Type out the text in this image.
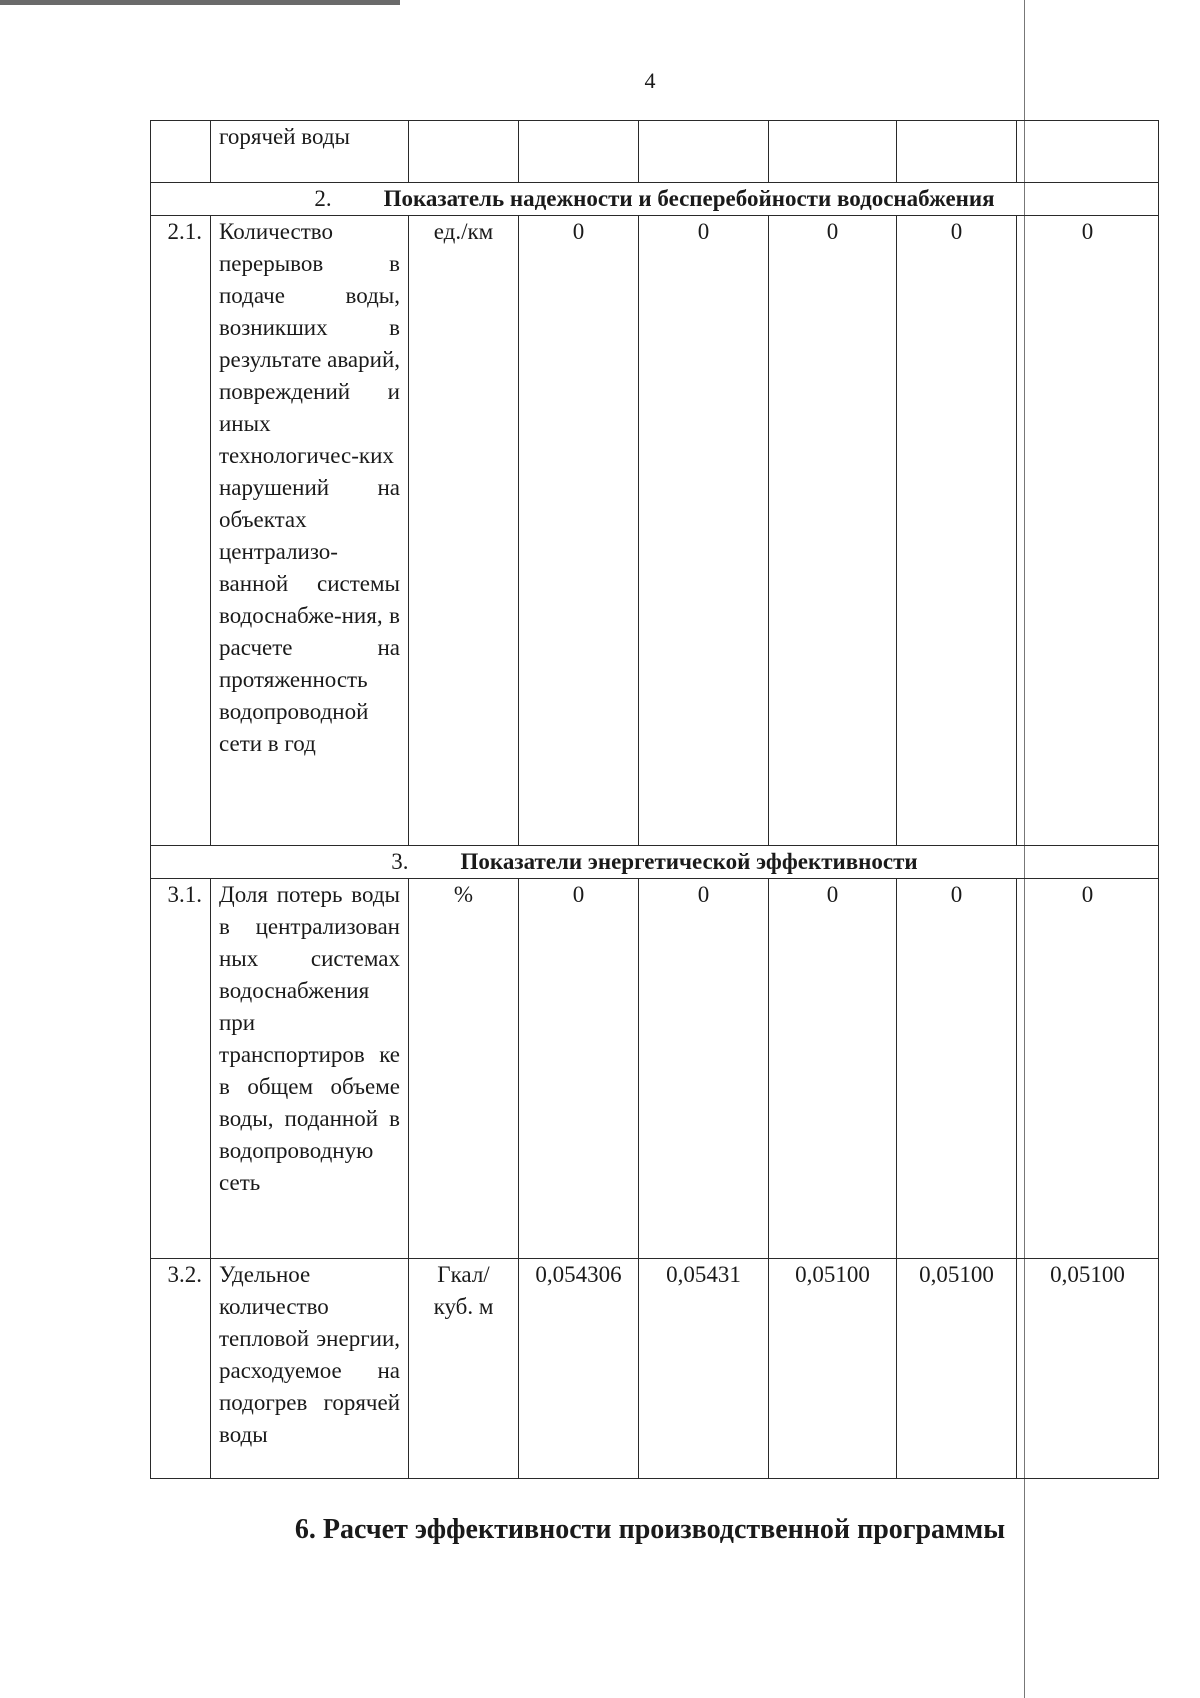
4
	горячей воды						
2. Показатель надежности и бесперебойности водоснабжения							
2.1.	Количество перерывов в подаче воды, возникших в результате аварий, повреждений и иных технологичес-ких нарушений на объектах централизо-ванной системы водоснабже-ния, в расчете на протяженность водопроводной сети в год	ед./км	0	0	0	0	0
3. Показатели энергетической эффективности							
3.1.	Доля потерь воды в централизован ных системах водоснабжения при транспортиров ке в общем объеме воды, поданной в водопроводную сеть	%	0	0	0	0	0
3.2.	Удельное количество тепловой энергии, расходуемое на подогрев горячей воды	Гкал/ куб. м	0,054306	0,05431	0,05100	0,05100	0,05100
6. Расчет эффективности производственной программы
